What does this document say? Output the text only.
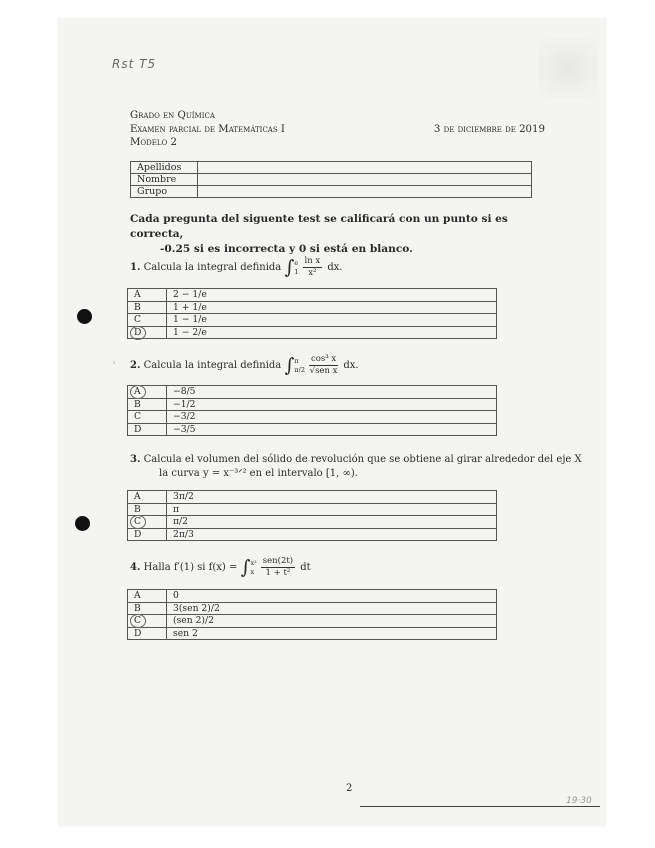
Rst T5
19·30
Grado en Química
Examen parcial de Matemáticas I
Modelo 2
3 de diciembre de 2019
Apellidos	
Nombre	
Grupo	
Cada pregunta del siguente test se calificará con un punto si es correcta,
-0.25 si es incorrecta y 0 si está en blanco.
1. Calcula la integral definida ∫e
$1 \frac{\text{ln x}}{\text{x²}}$ dx.
A	2 − 1/e
B	1 + 1/e
C	1 − 1/e

D	1 − 2/e
2. Calcula la integral definida ∫π
$\pi/2 \frac{\text{cos³ x}}{\text{√sen x}}$ dx.
A	−8/5
B	−1/2
C	−3/2
D	−3/5
3. Calcula el volumen del sólido de revolución que se obtiene al girar alrededor del eje X
la curva y = x⁻³ᐟ² en el intervalo [1, ∞).
A	3π/2
B	π

C	π/2
D	2π/3
4. Halla f′(1) si f(x) = ∫x²
x $\frac{\text{sen(2t)}}{\text{1 + t²}}$ dt
A	0
B	3(sen 2)/2

C	(sen 2)/2
D	sen 2
ʾ
2
